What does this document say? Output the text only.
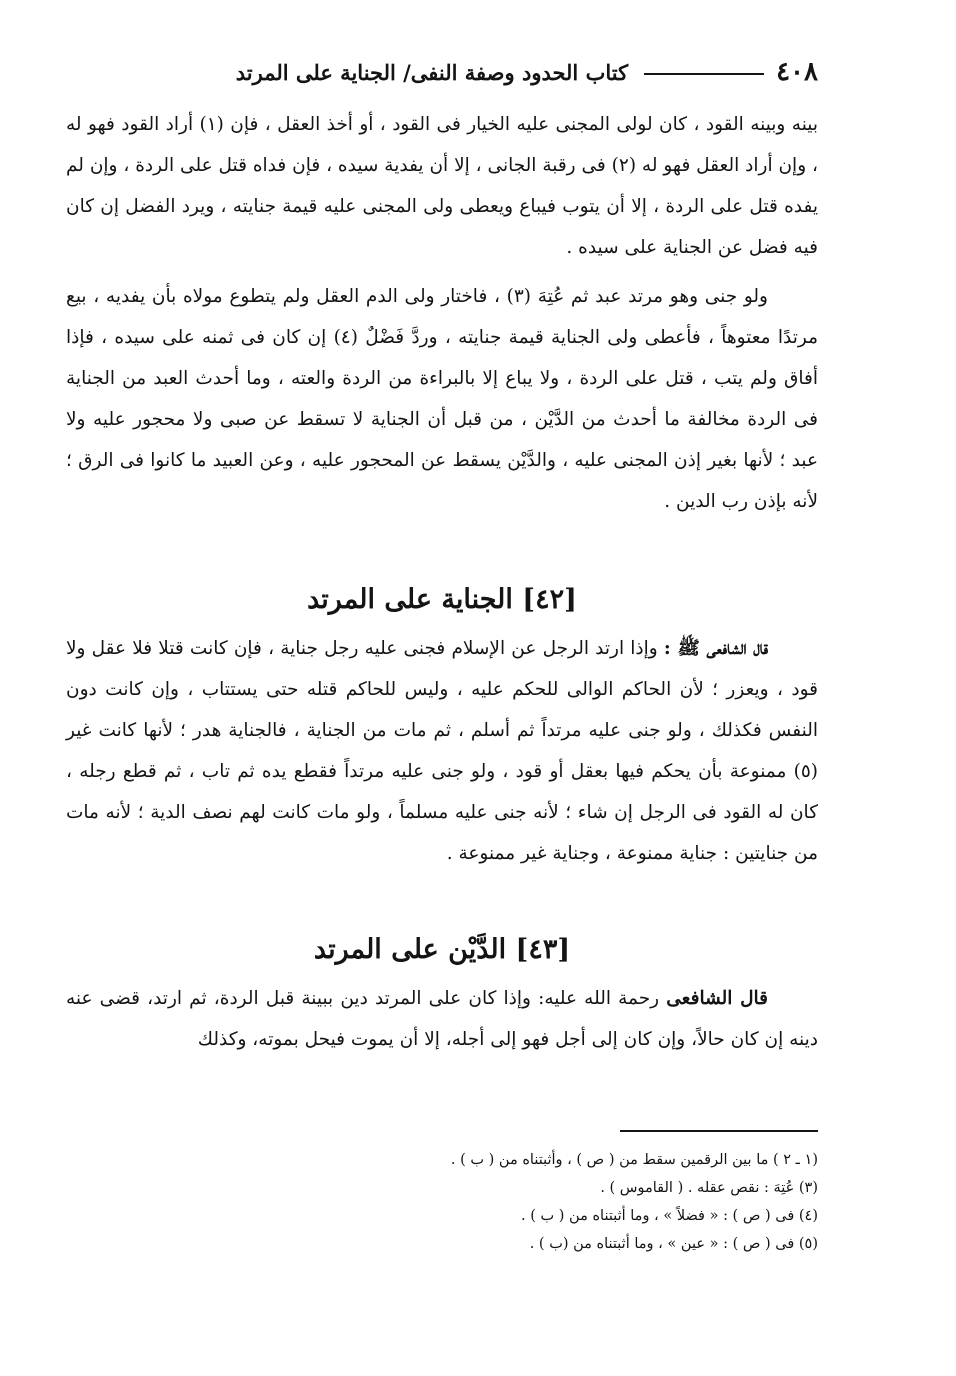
٤٠٨
كتاب الحدود وصفة النفى/ الجناية على المرتد

بينه وبينه القود ، كان لولى المجنى عليه الخيار فى القود ، أو أخذ العقل ، فإن (١) أراد القود فهو له ، وإن أراد العقل فهو له (٢) فى رقبة الجانى ، إلا أن يفدية سيده ، فإن فداه قتل على الردة ، وإن لم يفده قتل على الردة ، إلا أن يتوب فيباع ويعطى ولى المجنى عليه قيمة جنايته ، ويرد الفضل إن كان فيه فضل عن الجناية على سيده .

ولو جنى وهو مرتد عبد ثم عُتِهَ (٣) ، فاختار ولى الدم العقل ولم يتطوع مولاه بأن يفديه ، بيع مرتدًا معتوهاً ، فأعطى ولى الجناية قيمة جنايته ، وردَّ فَضْلٌ (٤) إن كان فى ثمنه على سيده ، فإذا أفاق ولم يتب ، قتل على الردة ، ولا يباع إلا بالبراءة من الردة والعته ، وما أحدث العبد من الجناية فى الردة مخالفة ما أحدث من الدَّيْن ، من قبل أن الجناية لا تسقط عن صبى ولا محجور عليه ولا عبد ؛ لأنها بغير إذن المجنى عليه ، والدَّيْن يسقط عن المحجور عليه ، وعن العبيد ما كانوا فى الرق ؛ لأنه بإذن رب الدين .

[٤٢] الجناية على المرتد

قال الشافعى ﷺ : وإذا ارتد الرجل عن الإسلام فجنى عليه رجل جناية ، فإن كانت قتلا فلا عقل ولا قود ، ويعزر ؛ لأن الحاكم الوالى للحكم عليه ، وليس للحاكم قتله حتى يستتاب ، وإن كانت دون النفس فكذلك ، ولو جنى عليه مرتداً ثم أسلم ، ثم مات من الجناية ، فالجناية هدر ؛ لأنها كانت غير (٥) ممنوعة بأن يحكم فيها بعقل أو قود ، ولو جنى عليه مرتداً فقطع يده ثم تاب ، ثم قطع رجله ، كان له القود فى الرجل إن شاء ؛ لأنه جنى عليه مسلماً ، ولو مات كانت لهم نصف الدية ؛ لأنه مات من جنايتين : جناية ممنوعة ، وجناية غير ممنوعة .

[٤٣] الدَّيْن على المرتد

قال الشافعى رحمة الله عليه: وإذا كان على المرتد دين ببينة قبل الردة، ثم ارتد، قضى عنه دينه إن كان حالاً، وإن كان إلى أجل فهو إلى أجله، إلا أن يموت فيحل بموته، وكذلك

(١ ـ ٢ ) ما بين الرقمين سقط من ( ص ) ، وأثبتناه من ( ب ) .

(٣) عُتِهَ : نقص عقله . ( القاموس ) .

(٤) فى ( ص ) : « فضلاً » ، وما أثبتناه من ( ب ) .

(٥) فى ( ص ) : « عين » ، وما أثبتناه من (ب ) .
